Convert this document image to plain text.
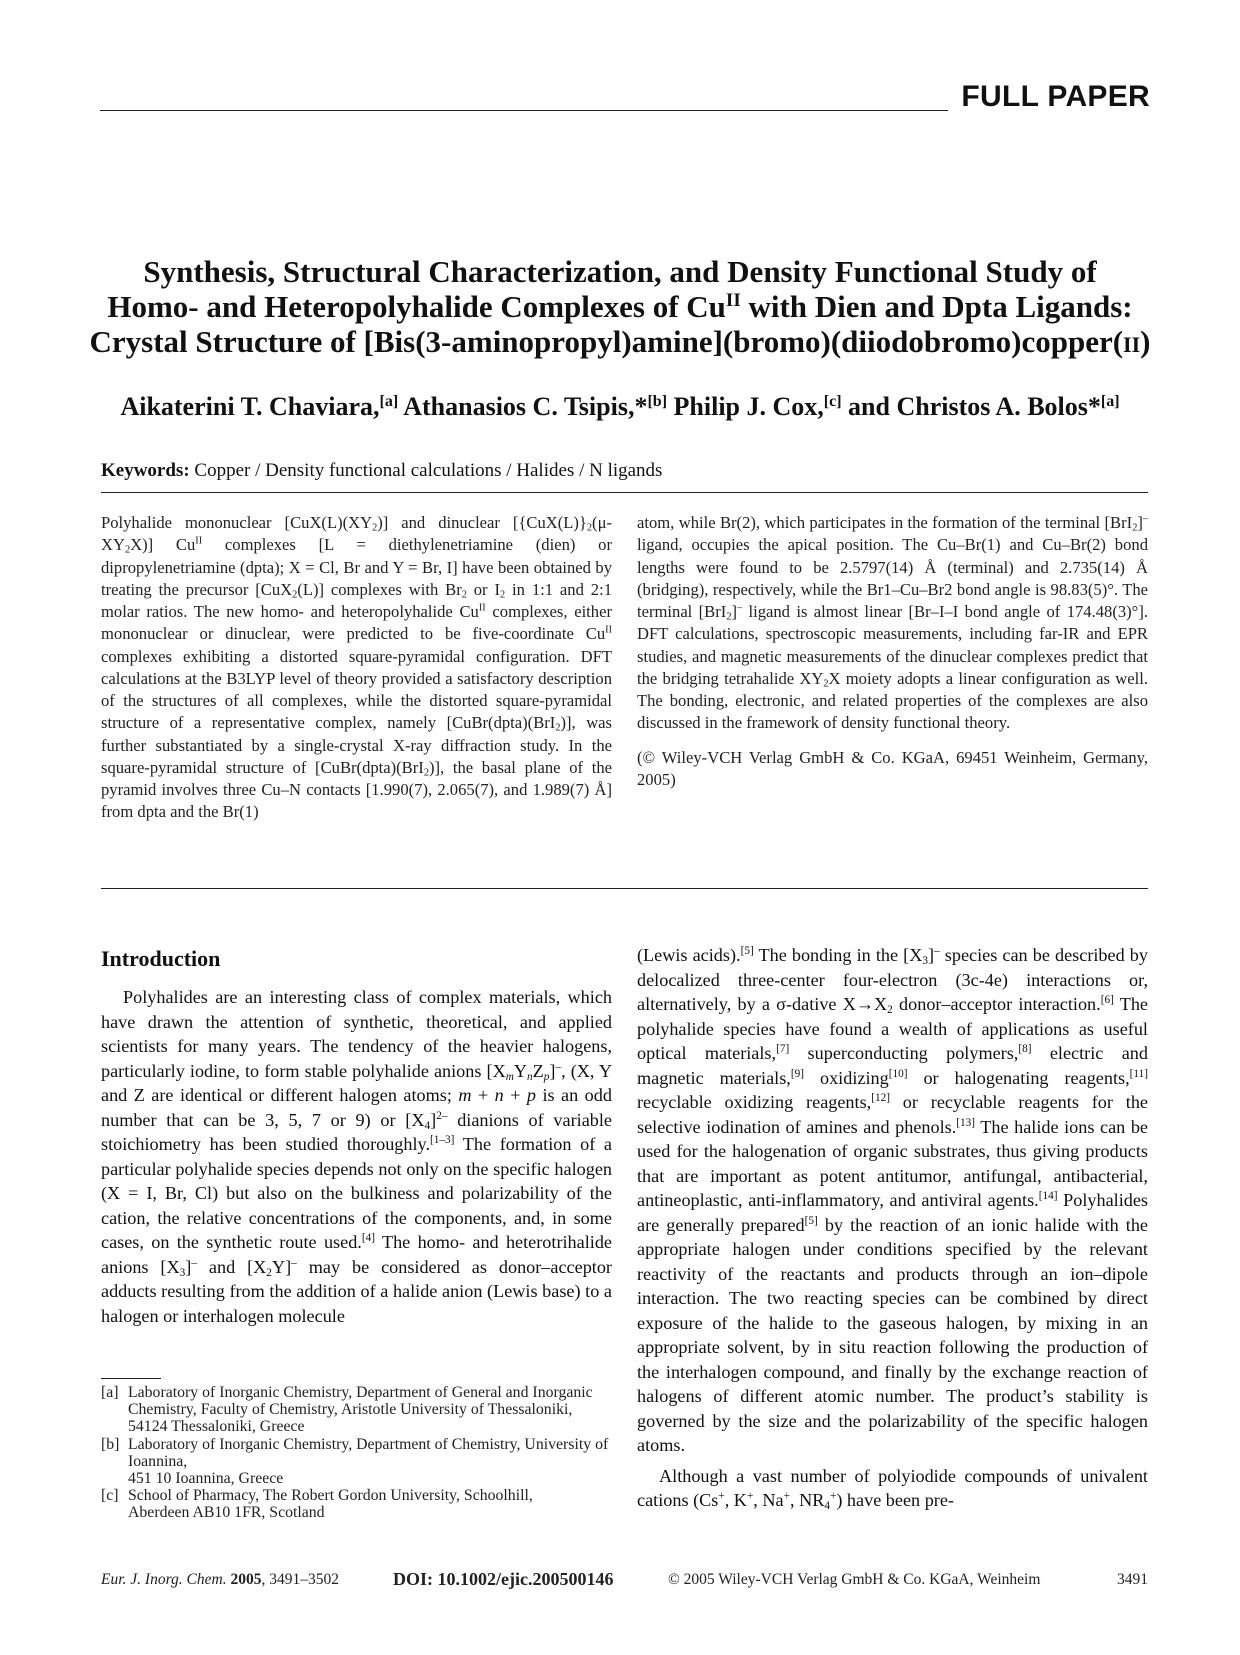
FULL PAPER
Synthesis, Structural Characterization, and Density Functional Study of
Homo- and Heteropolyhalide Complexes of $Cu^{II}$ with Dien and Dpta Ligands:
Crystal Structure of [Bis(3-aminopropyl)amine](bromo)(diiodobromo)copper(ii)
Aikaterini T. Chaviara,[a] Athanasios C. Tsipis,*[b] Philip J. Cox,[c] and Christos A. Bolos*[a]
Keywords: Copper / Density functional calculations / Halides / N ligands

Polyhalide mononuclear $[CuX(L)(XY_2)]$ and dinuclear $[\{CuX(L)\}_2(\mu-XY_2X)]$ $Cu^{II}$ complexes [L = diethylenetriamine (dien) or dipropylenetriamine (dpta); X = Cl, Br and Y = Br, I] have been obtained by treating the precursor [CuX$_2$(L)] complexes with $Br_2$ or $I_2$ in 1:1 and 2:1 molar ratios. The new homo- and heteropolyhalide $Cu^{II}$ complexes, either mononuclear or dinuclear, were predicted to be five-coordinate $Cu^{II}$ complexes exhibiting a distorted square-pyramidal configuration. DFT calculations at the B3LYP level of theory provided a satisfactory description of the structures of all complexes, while the distorted square-pyramidal structure of a representative complex, namely [CuBr(dpta)(BrI$_2$)], was further substantiated by a single-crystal X-ray diffraction study. In the square-pyramidal structure of [CuBr(dpta)(BrI$_2$)], the basal plane of the pyramid involves three Cu–N contacts [1.990(7), 2.065(7), and 1.989(7) Å] from dpta and the Br(1)

atom, while Br(2), which participates in the formation of the terminal [BrI$_2$]– ligand, occupies the apical position. The Cu–Br(1) and Cu–Br(2) bond lengths were found to be 2.5797(14) Å (terminal) and 2.735(14) Å (bridging), respectively, while the Br1–Cu–Br2 bond angle is 98.83(5)°. The terminal [BrI$_2$]– ligand is almost linear [Br–I–I bond angle of 174.48(3)°]. DFT calculations, spectroscopic measurements, including far-IR and EPR studies, and magnetic measurements of the dinuclear complexes predict that the bridging tetrahalide $XY_2X$ moiety adopts a linear configuration as well. The bonding, electronic, and related properties of the complexes are also discussed in the framework of density functional theory.

(© Wiley-VCH Verlag GmbH & Co. KGaA, 69451 Weinheim, Germany, 2005)

Introduction

Polyhalides are an interesting class of complex materials, which have drawn the attention of synthetic, theoretical, and applied scientists for many years. The tendency of the heavier halogens, particularly iodine, to form stable polyhalide anions $[X_mY_nZ_p]^-$, (X, Y and Z are identical or different halogen atoms; m + n + p is an odd number that can be 3, 5, 7 or 9) or $[X_4]^{2-}$ dianions of variable stoichiometry has been studied thoroughly.[1–3] The formation of a particular polyhalide species depends not only on the specific halogen (X = I, Br, Cl) but also on the bulkiness and polarizability of the cation, the relative concentrations of the components, and, in some cases, on the synthetic route used.[4] The homo- and heterotrihalide anions $[X_3]^-$ and $[X_2Y]^-$ may be considered as donor–acceptor adducts resulting from the addition of a halide anion (Lewis base) to a halogen or interhalogen molecule

(Lewis acids).[5] The bonding in the $[X_3]^-$ species can be described by delocalized three-center four-electron (3c-4e) interactions or, alternatively, by a σ-dative $X\to X_2$ donor–acceptor interaction.[6] The polyhalide species have found a wealth of applications as useful optical materials,[7] superconducting polymers,[8] electric and magnetic materials,[9] oxidizing[10] or halogenating reagents,[11] recyclable oxidizing reagents,[12] or recyclable reagents for the selective iodination of amines and phenols.[13] The halide ions can be used for the halogenation of organic substrates, thus giving products that are important as potent antitumor, antifungal, antibacterial, antineoplastic, anti-inflammatory, and antiviral agents.[14] Polyhalides are generally prepared[5] by the reaction of an ionic halide with the appropriate halogen under conditions specified by the relevant reactivity of the reactants and products through an ion–dipole interaction. The two reacting species can be combined by direct exposure of the halide to the gaseous halogen, by mixing in an appropriate solvent, by in situ reaction following the production of the interhalogen compound, and finally by the exchange reaction of halogens of different atomic number. The product’s stability is governed by the size and the polarizability of the specific halogen atoms.

Although a vast number of polyiodide compounds of univalent cations (Cs+, K+, Na+, $NR_4^+$) have been pre-

[a] Laboratory of Inorganic Chemistry, Department of General and Inorganic Chemistry, Faculty of Chemistry, Aristotle University of Thessaloniki,
54124 Thessaloniki, Greece
[b] Laboratory of Inorganic Chemistry, Department of Chemistry, University of Ioannina,
451 10 Ioannina, Greece
[c] School of Pharmacy, The Robert Gordon University, Schoolhill,
Aberdeen AB10 1FR, Scotland
Eur. J. Inorg. Chem. 2005, 3491–3502	DOI: 10.1002/ejic.200500146	© 2005 Wiley-VCH Verlag GmbH & Co. KGaA, Weinheim	3491
